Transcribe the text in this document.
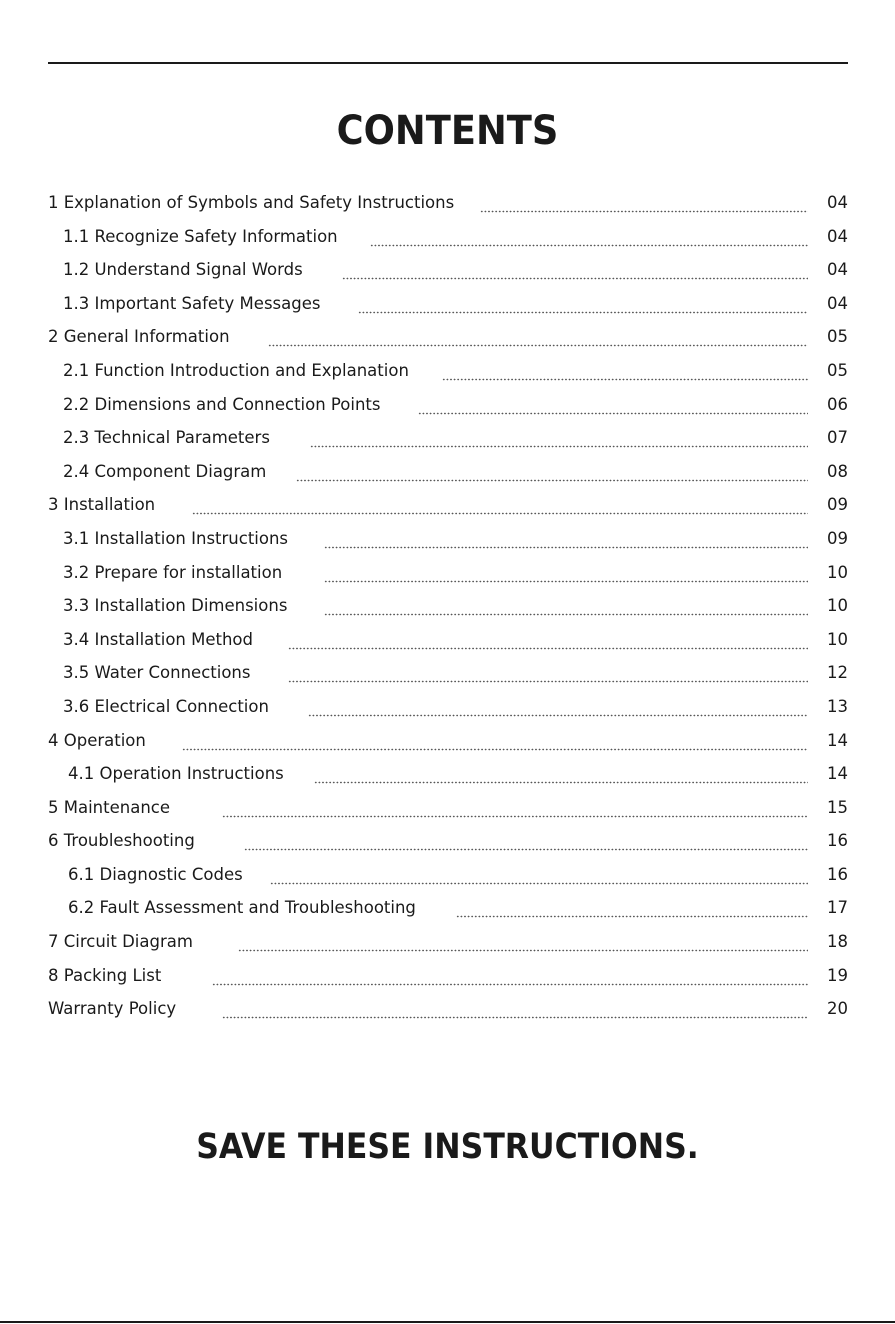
CONTENTS
1 Explanation of Symbols and Safety Instructions	04
1.1 Recognize Safety Information	04
1.2 Understand Signal Words	04
1.3 Important Safety Messages	04
2 General Information	05
2.1 Function Introduction and Explanation	05
2.2 Dimensions and Connection Points	06
2.3 Technical Parameters	07
2.4 Component Diagram	08
3 Installation	09
3.1 Installation Instructions	09
3.2 Prepare for installation	10
3.3 Installation Dimensions	10
3.4 Installation Method	10
3.5 Water Connections	12
3.6 Electrical Connection	13
4 Operation	14
4.1 Operation Instructions	14
5 Maintenance	15
6 Troubleshooting	16
6.1 Diagnostic Codes	16
6.2 Fault Assessment and Troubleshooting	17
7 Circuit Diagram	18
8 Packing List	19
Warranty Policy	20
SAVE THESE INSTRUCTIONS.
